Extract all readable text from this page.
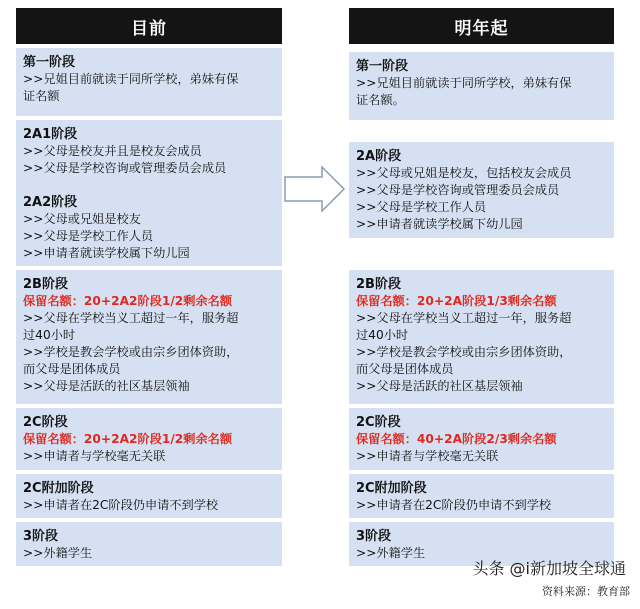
目前
第一阶段
>>兄姐目前就读于同所学校，弟妹有保
证名额
2A1阶段
>>父母是校友并且是校友会成员
>>父母是学校咨询或管理委员会成员
2A2阶段
>>父母或兄姐是校友
>>父母是学校工作人员
>>申请者就读学校属下幼儿园
2B阶段
保留名额：20+2A2阶段1/2剩余名额
>>父母在学校当义工超过一年，服务超
过40小时
>>学校是教会学校或由宗乡团体资助，
而父母是团体成员
>>父母是活跃的社区基层领袖
2C阶段
保留名额：20+2A2阶段1/2剩余名额
>>申请者与学校毫无关联
2C附加阶段
>>申请者在2C阶段仍申请不到学校
3阶段
>>外籍学生
明年起
第一阶段
>>兄姐目前就读于同所学校，弟妹有保
证名额。
2A阶段
>>父母或兄姐是校友，包括校友会成员
>>父母是学校咨询或管理委员会成员
>>父母是学校工作人员
>>申请者就读学校属下幼儿园
2B阶段
保留名额：20+2A阶段1/3剩余名额
>>父母在学校当义工超过一年，服务超
过40小时
>>学校是教会学校或由宗乡团体资助，
而父母是团体成员
>>父母是活跃的社区基层领袖
2C阶段
保留名额：40+2A阶段2/3剩余名额
>>申请者与学校毫无关联
2C附加阶段
>>申请者在2C阶段仍申请不到学校
3阶段
>>外籍学生
头条 @i新加坡全球通
资料来源：教育部
